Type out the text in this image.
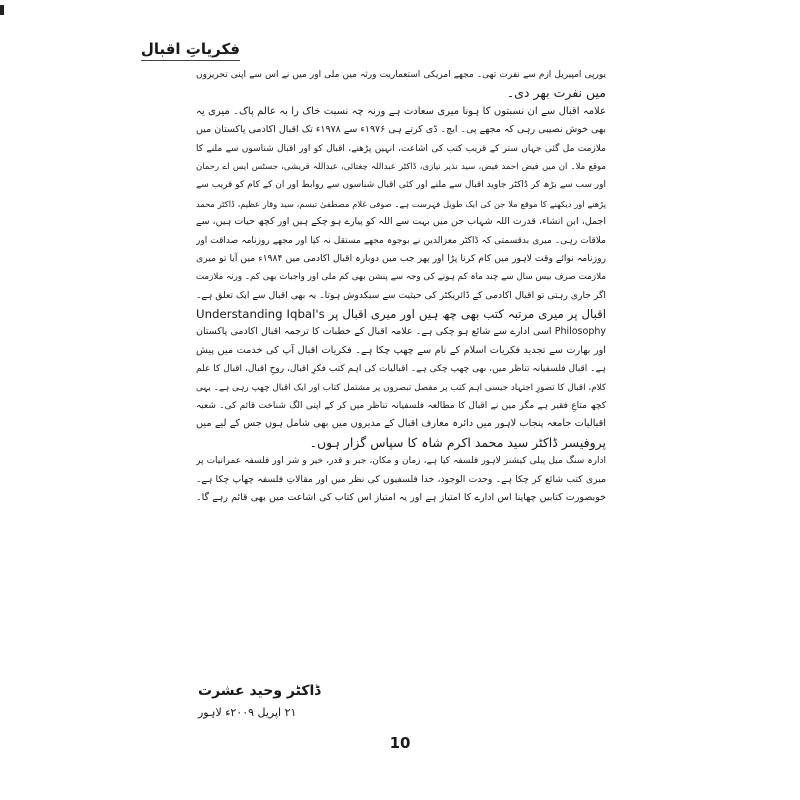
فکریاتِ اقبال
یورپی امپیریل ازم سے نفرت تھی۔ مجھے امریکی استعماریت ورثہ میں ملی اور میں نے اس سے اپنی تحریروں
میں نفرت بھر دی۔
علامہ اقبال سے ان نسبتوں کا ہونا میری سعادت ہے ورنہ چہ نسبت خاک را بہ عالم پاک۔ میری یہ
بھی خوش نصیبی رہی کہ مجھے پی۔ ایچ۔ ڈی کرتے ہی ۱۹۷۶ء سے ۱۹۷۸ء تک اقبال اکادمی پاکستان میں
ملازمت مل گئی جہاں ستر کے قریب کتب کی اشاعت، انہیں پڑھنے، اقبال کو اور اقبال شناسوں سے ملنے کا
موقع ملا۔ ان میں فیض احمد فیض، سید نذیر نیازی، ڈاکٹر عبداللہ چغتائی، عبداللہ قریشی، جسٹس ایس اے رحمان
اور سب سے بڑھ کر ڈاکٹر جاوید اقبال سے ملنے اور کئی اقبال شناسوں سے روابط اور ان کے کام کو قریب سے
پڑھنے اور دیکھنے کا موقع ملا جن کی ایک طویل فہرست ہے۔ صوفی غلام مصطفیٰ تبسم، سید وقار عظیم، ڈاکٹر محمد
اجمل، ابن انشاء، قدرت اللہ شہاب جن میں بہت سے اللہ کو پیارے ہو چکے ہیں اور کچھ حیات ہیں، سے
ملاقات رہی۔ میری بدقسمتی کہ ڈاکٹر معزالدین نے بوجوہ مجھے مستقل نہ کیا اور مجھے روزنامہ صداقت اور
روزنامہ نوائے وقت لاہور میں کام کرنا پڑا اور پھر جب میں دوبارہ اقبال اکادمی میں ۱۹۸۴ء میں آیا تو میری
ملازمت صرف بیس سال سے چند ماہ کم ہونے کی وجہ سے پنشن بھی کم ملی اور واجبات بھی کم۔ ورنہ ملازمت
اگر جاری رہتی تو اقبال اکادمی کے ڈائریکٹر کی حیثیت سے سبکدوش ہوتا۔ یہ بھی اقبال سے ایک تعلق ہے۔
اقبال پر میری مرتبہ کتب بھی چھ ہیں اور میری اقبال پر Understanding Iqbal's
Philosophy اسی ادارے سے شائع ہو چکی ہے۔ علامہ اقبال کے خطبات کا ترجمہ اقبال اکادمی پاکستان
اور بھارت سے تجدید فکریات اسلام کے نام سے چھپ چکا ہے۔ فکریات اقبال آپ کی خدمت میں پیش
ہے۔ اقبال فلسفیانہ تناظر میں، بھی چھپ چکی ہے۔ اقبالیات کی اہم کتب فکرِ اقبال، روحِ اقبال، اقبال کا علم
کلام، اقبال کا تصورِ اجتہاد جیسی اہم کتب پر مفصل تبصروں پر مشتمل کتاب اور ایک اقبال چھپ رہی ہے۔ یہی
کچھ متاعِ فقیر ہے مگر میں نے اقبال کا مطالعہ فلسفیانہ تناظر میں کر کے اپنی الگ شناخت قائم کی۔ شعبہ
اقبالیات جامعہ پنجاب لاہور میں دائرہ معارف اقبال کے مدیروں میں بھی شامل ہوں جس کے لیے میں
پروفیسر ڈاکٹر سید محمد اکرم شاہ کا سپاس گزار ہوں۔
ادارہ سنگ میل پبلی کیشنز لاہور فلسفہ کیا ہے، زمان و مکان، جبر و قدر، خیر و شر اور فلسفہ عمرانیات پر
میری کتب شائع کر چکا ہے۔ وحدت الوجود، خدا فلسفیوں کی نظر میں اور مقالاتِ فلسفہ چھاپ چکا ہے۔
خوبصورت کتابیں چھاپنا اس ادارے کا امتیاز ہے اور یہ امتیاز اس کتاب کی اشاعت میں بھی قائم رہے گا۔
ڈاکٹر وحید عشرت
۲۱ اپریل ۲۰۰۹ء لاہور
10
